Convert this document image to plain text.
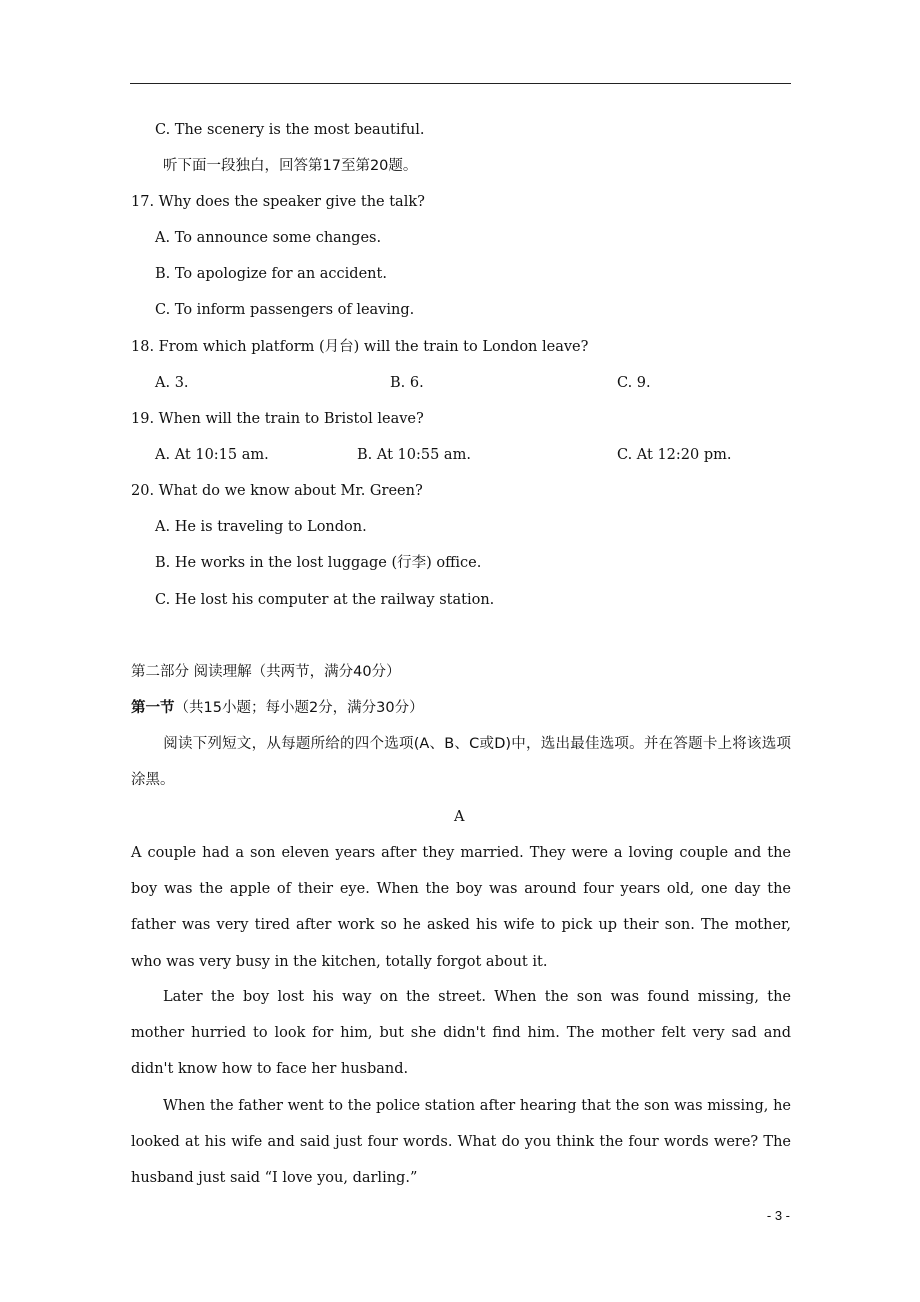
C. The scenery is the most beautiful.
听下面一段独白，回答第17至第20题。
17. Why does the speaker give the talk?
A. To announce some changes.
B. To apologize for an accident.
C. To inform passengers of leaving.
18. From which platform (月台) will the train to London leave?
A. 3.	B. 6.	C. 9.
19. When will the train to Bristol leave?
A. At 10:15 am.	B. At 10:55 am.	C. At 12:20 pm.
20. What do we know about Mr. Green?
A. He is traveling to London.
B. He works in the lost luggage (行李) office.
C. He lost his computer at the railway station.
第二部分 阅读理解（共两节，满分40分）
第一节（共15小题；每小题2分，满分30分）
阅读下列短文，从每题所给的四个选项(A、B、C或D)中，选出最佳选项。并在答题卡上将该选项涂黑。
A
A couple had a son eleven years after they married. They were a loving couple and the boy was the apple of their eye. When the boy was around four years old, one day the father was very tired after work so he asked his wife to pick up their son. The mother, who was very busy in the kitchen, totally forgot about it.
Later the boy lost his way on the street. When the son was found missing, the mother hurried to look for him, but she didn't find him. The mother felt very sad and didn't know how to face her husband.
When the father went to the police station after hearing that the son was missing, he looked at his wife and said just four words. What do you think the four words were? The husband just said “I love you, darling.”
- 3 -
